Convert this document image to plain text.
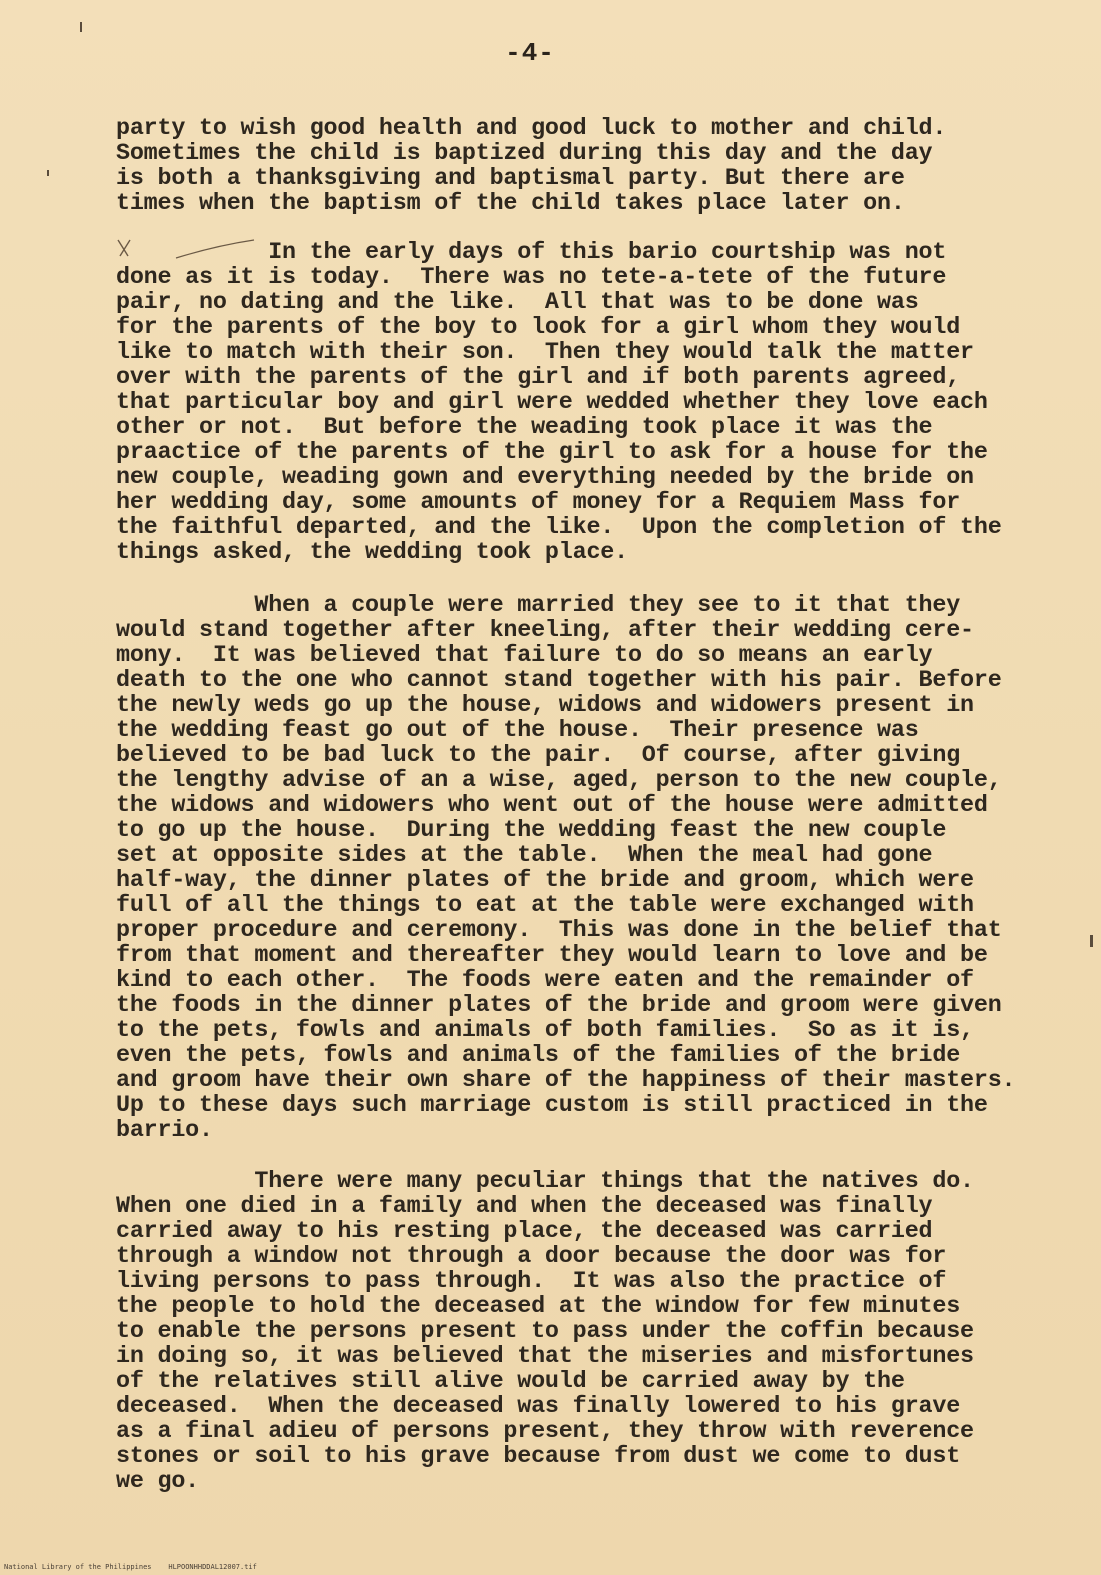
-4-
party to wish good health and good luck to mother and child.
Sometimes the child is baptized during this day and the day
is both a thanksgiving and baptismal party. But there are
times when the baptism of the child takes place later on.
In the early days of this bario courtship was not
done as it is today.  There was no tete-a-tete of the future
pair, no dating and the like.  All that was to be done was
for the parents of the boy to look for a girl whom they would
like to match with their son.  Then they would talk the matter
over with the parents of the girl and if both parents agreed,
that particular boy and girl were wedded whether they love each
other or not.  But before the weading took place it was the
praactice of the parents of the girl to ask for a house for the
new couple, weading gown and everything needed by the bride on
her wedding day, some amounts of money for a Requiem Mass for
the faithful departed, and the like.  Upon the completion of the
things asked, the wedding took place.
When a couple were married they see to it that they
would stand together after kneeling, after their wedding cere-
mony.  It was believed that failure to do so means an early
death to the one who cannot stand together with his pair. Before
the newly weds go up the house, widows and widowers present in
the wedding feast go out of the house.  Their presence was
believed to be bad luck to the pair.  Of course, after giving
the lengthy advise of an a wise, aged, person to the new couple,
the widows and widowers who went out of the house were admitted
to go up the house.  During the wedding feast the new couple
set at opposite sides at the table.  When the meal had gone
half-way, the dinner plates of the bride and groom, which were
full of all the things to eat at the table were exchanged with
proper procedure and ceremony.  This was done in the belief that
from that moment and thereafter they would learn to love and be
kind to each other.  The foods were eaten and the remainder of
the foods in the dinner plates of the bride and groom were given
to the pets, fowls and animals of both families.  So as it is,
even the pets, fowls and animals of the families of the bride
and groom have their own share of the happiness of their masters.
Up to these days such marriage custom is still practiced in the
barrio.
There were many peculiar things that the natives do.
When one died in a family and when the deceased was finally
carried away to his resting place, the deceased was carried
through a window not through a door because the door was for
living persons to pass through.  It was also the practice of
the people to hold the deceased at the window for few minutes
to enable the persons present to pass under the coffin because
in doing so, it was believed that the miseries and misfortunes
of the relatives still alive would be carried away by the
deceased.  When the deceased was finally lowered to his grave
as a final adieu of persons present, they throw with reverence
stones or soil to his grave because from dust we come to dust
we go.
National Library of the Philippines    HLPOONHHDDAL12007.tif
